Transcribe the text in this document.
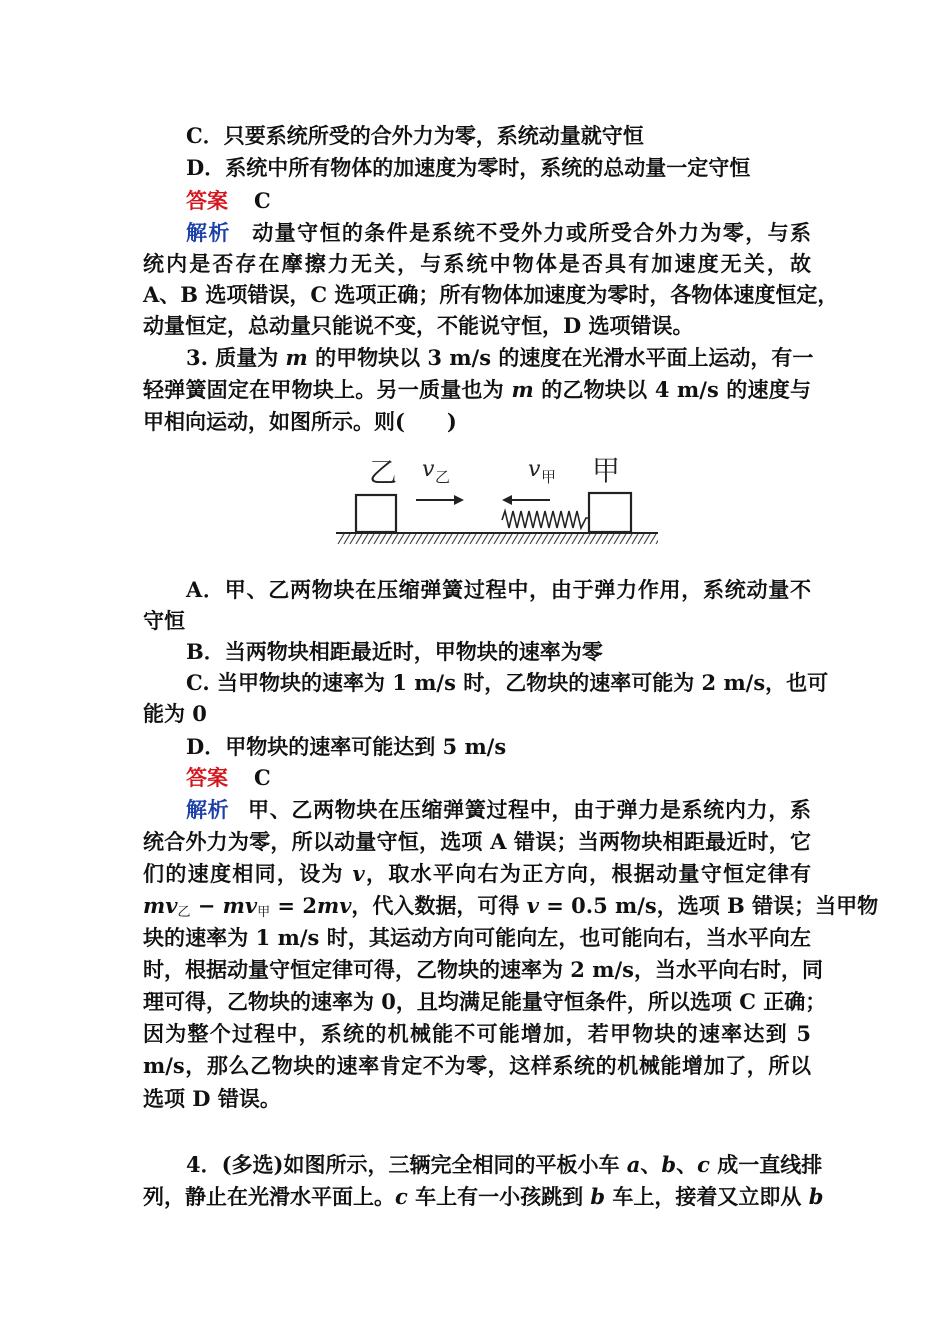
C．只要系统所受的合外力为零，系统动量就守恒
D．系统中所有物体的加速度为零时，系统的总动量一定守恒
答案 C
解析 动量守恒的条件是系统不受外力或所受合外力为零，与系
统内是否存在摩擦力无关，与系统中物体是否具有加速度无关，故
A、B 选项错误，C 选项正确；所有物体加速度为零时，各物体速度恒定，
动量恒定，总动量只能说不变，不能说守恒，D 选项错误。
3. 质量为 m 的甲物块以 3 m/s 的速度在光滑水平面上运动，有一
轻弹簧固定在甲物块上。另一质量也为 m 的乙物块以 4 m/s 的速度与
甲相向运动，如图所示。则(　　)
乙 v 乙	v 甲 甲
A．甲、乙两物块在压缩弹簧过程中，由于弹力作用，系统动量不
守恒
B．当两物块相距最近时，甲物块的速率为零
C. 当甲物块的速率为 1 m/s 时，乙物块的速率可能为 2 m/s，也可
能为 0
D．甲物块的速率可能达到 5 m/s
答案 C
解析 甲、乙两物块在压缩弹簧过程中，由于弹力是系统内力，系
统合外力为零，所以动量守恒，选项 A 错误；当两物块相距最近时，它
们的速度相同，设为 v，取水平向右为正方向，根据动量守恒定律有
mv乙 − mv甲 = 2mv，代入数据，可得 v = 0.5 m/s，选项 B 错误；当甲物
块的速率为 1 m/s 时，其运动方向可能向左，也可能向右，当水平向左
时，根据动量守恒定律可得，乙物块的速率为 2 m/s，当水平向右时，同
理可得，乙物块的速率为 0，且均满足能量守恒条件，所以选项 C 正确；
因为整个过程中，系统的机械能不可能增加，若甲物块的速率达到 5
m/s，那么乙物块的速率肯定不为零，这样系统的机械能增加了，所以
选项 D 错误。
4．(多选)如图所示，三辆完全相同的平板小车 a、b、c 成一直线排
列，静止在光滑水平面上。c 车上有一小孩跳到 b 车上，接着又立即从 b
